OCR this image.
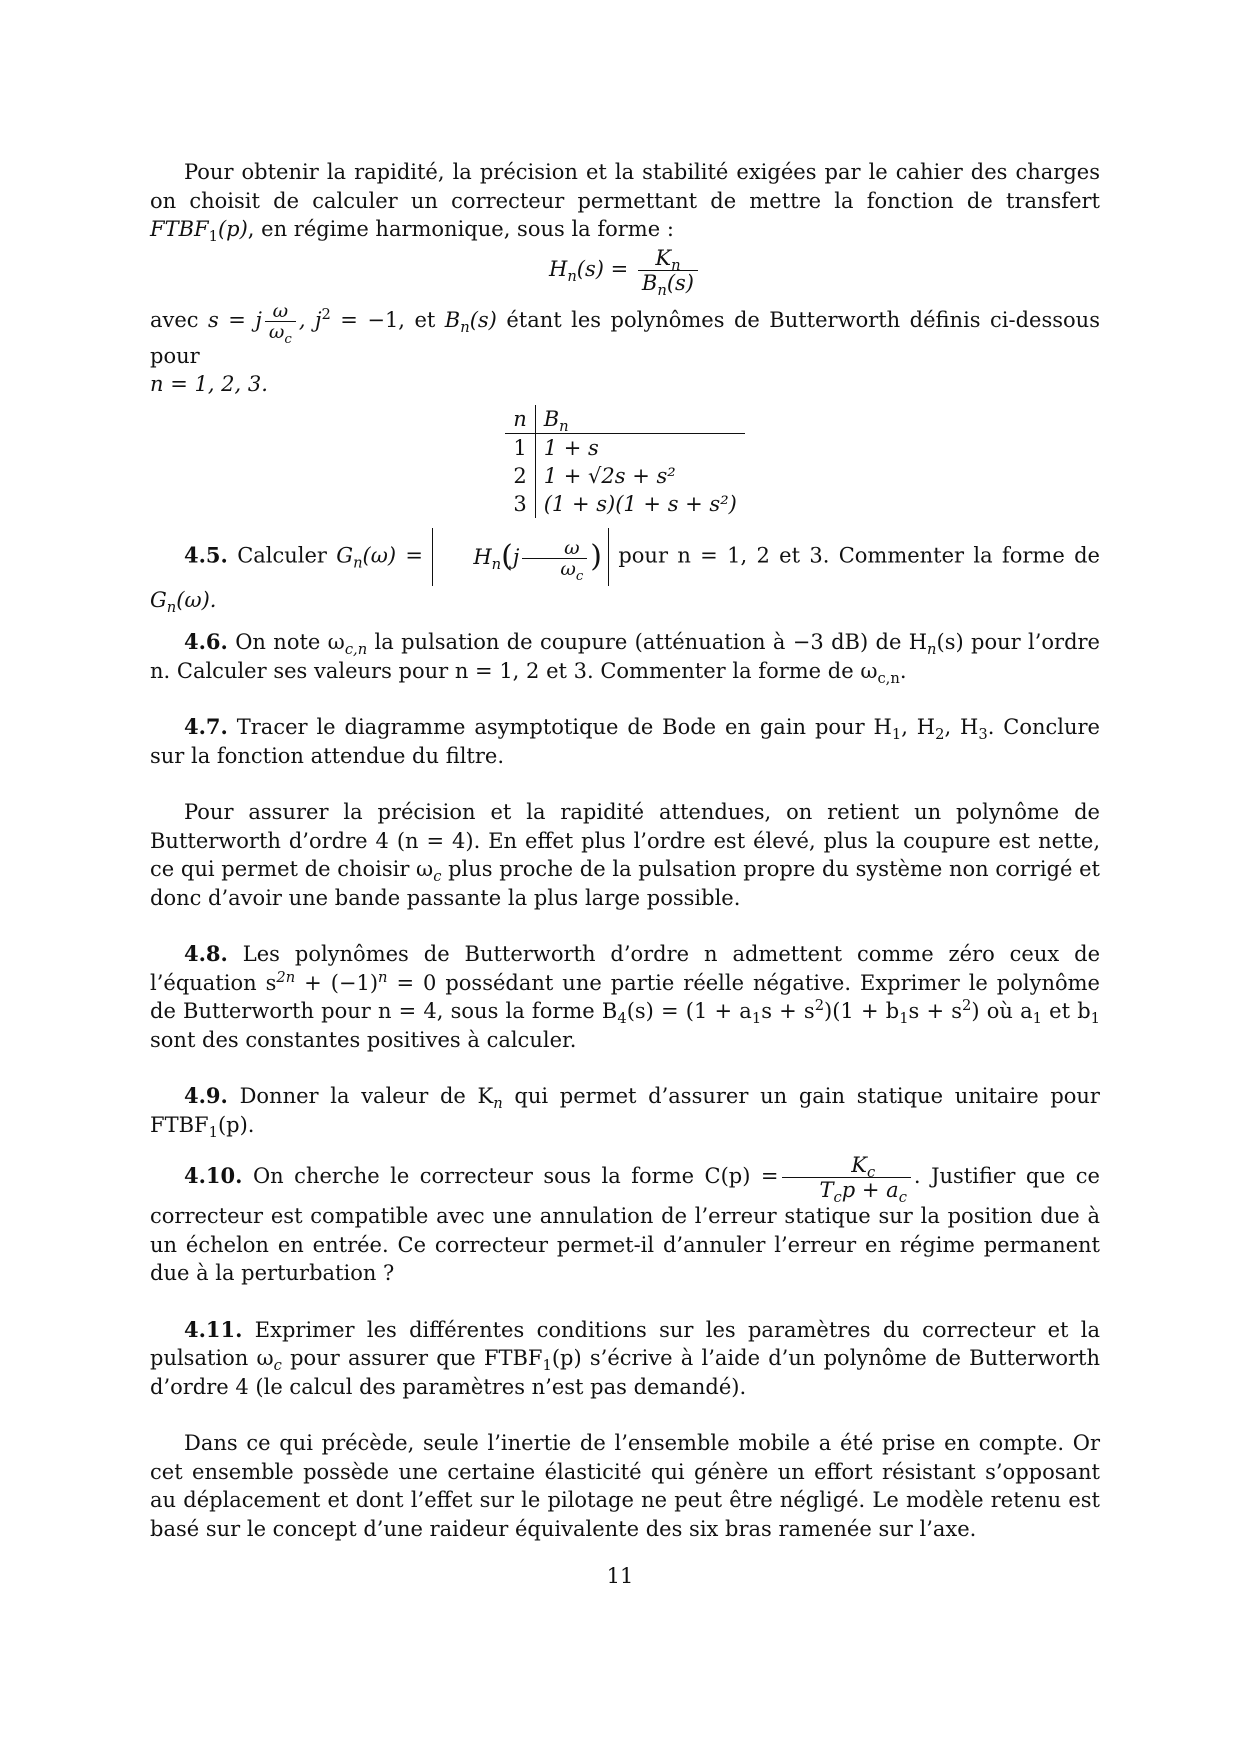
Pour obtenir la rapidité, la précision et la stabilité exigées par le cahier des charges on choisit de calculer un correcteur permettant de mettre la fonction de transfert $FTBF_1(p)$, en régime harmonique, sous la forme :

$H_n(s) = \frac{K_n}{B_n(s)}$

avec s = j $\frac{\omega}{\omega_c}$ , $j^2 = -1$, et $B_n(s)$ étant les polynômes de Butterworth définis ci-dessous pour
n = 1, 2, 3.

n	$B_n$
1	1 + s
2	1 + √2s + s²
3	(1 + s)(1 + s + s²)

4.5. Calculer $G_n(\omega) = H_n(j \frac{\omega}{\omega_c}$ ) pour n = 1, 2 et 3. Commenter la forme de $G_n(\omega)$.

4.6. On note $\omega_{c,n}$ la pulsation de coupure (atténuation à −3 dB) de $H_n(s)$ pour l’ordre n. Calculer ses valeurs pour n = 1, 2 et 3. Commenter la forme de $\omega_{c,n}$.

4.7. Tracer le diagramme asymptotique de Bode en gain pour $H_1$, $H_2$, $H_3$. Conclure sur la fonction attendue du filtre.

Pour assurer la précision et la rapidité attendues, on retient un polynôme de Butterworth d’ordre 4 (n = 4). En effet plus l’ordre est élevé, plus la coupure est nette, ce qui permet de choisir $\omega_c$ plus proche de la pulsation propre du système non corrigé et donc d’avoir une bande passante la plus large possible.

4.8. Les polynômes de Butterworth d’ordre n admettent comme zéro ceux de l’équation $s^{2n} + (-1)^n = 0$ possédant une partie réelle négative. Exprimer le polynôme de Butterworth pour n = 4, sous la forme $B_4(s) = (1 + a_1s + s^2)(1 + b_1s + s^2)$ où $a_1$ et $b_1$ sont des constantes positives à calculer.

4.9. Donner la valeur de $K_n$ qui permet d’assurer un gain statique unitaire pour $FTBF_1(p)$.

4.10. On cherche le correcteur sous la forme $C(p) = \frac{K_c}{T_cp + a_c}$ . Justifier que ce correcteur est compatible avec une annulation de l’erreur statique sur la position due à un échelon en entrée. Ce correcteur permet-il d’annuler l’erreur en régime permanent due à la perturbation ?

4.11. Exprimer les différentes conditions sur les paramètres du correcteur et la pulsation $\omega_c$ pour assurer que $FTBF_1(p)$ s’écrive à l’aide d’un polynôme de Butterworth d’ordre 4 (le calcul des paramètres n’est pas demandé).

Dans ce qui précède, seule l’inertie de l’ensemble mobile a été prise en compte. Or cet ensemble possède une certaine élasticité qui génère un effort résistant s’opposant au déplacement et dont l’effet sur le pilotage ne peut être négligé. Le modèle retenu est basé sur le concept d’une raideur équivalente des six bras ramenée sur l’axe.

11
